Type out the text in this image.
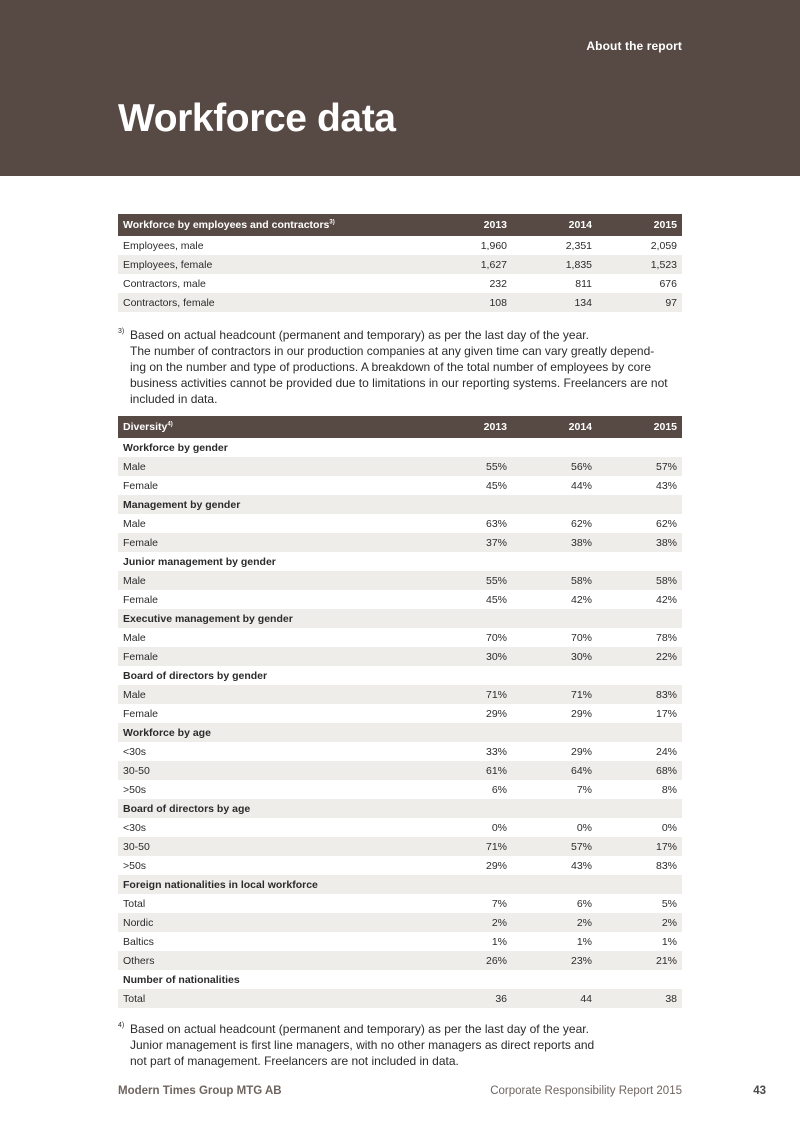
About the report
Workforce data
Workforce by employees and contractors$^{3)}$	2013	2014	2015
Employees, male	1,960	2,351	2,059
Employees, female	1,627	1,835	1,523
Contractors, male	232	811	676
Contractors, female	108	134	97
3) Based on actual headcount (permanent and temporary) as per the last day of the year.

The number of contractors in our production companies at any given time can vary greatly depend-

ing on the number and type of productions. A breakdown of the total number of employees by core

business activities cannot be provided due to limitations in our reporting systems. Freelancers are not

included in data.

Diversity$^{4)}$	2013	2014	2015
Workforce by gender			
Male	55%	56%	57%
Female	45%	44%	43%
Management by gender			
Male	63%	62%	62%
Female	37%	38%	38%
Junior management by gender			
Male	55%	58%	58%
Female	45%	42%	42%
Executive management by gender			
Male	70%	70%	78%
Female	30%	30%	22%
Board of directors by gender			
Male	71%	71%	83%
Female	29%	29%	17%
Workforce by age			
<30s	33%	29%	24%
30-50	61%	64%	68%
>50s	6%	7%	8%
Board of directors by age			
<30s	0%	0%	0%
30-50	71%	57%	17%
>50s	29%	43%	83%
Foreign nationalities in local workforce			
Total	7%	6%	5%
Nordic	2%	2%	2%
Baltics	1%	1%	1%
Others	26%	23%	21%
Number of nationalities			
Total	36	44	38
4) Based on actual headcount (permanent and temporary) as per the last day of the year.

Junior management is first line managers, with no other managers as direct reports and

not part of management. Freelancers are not included in data.

Modern Times Group MTG AB	Corporate Responsibility Report 2015	43
